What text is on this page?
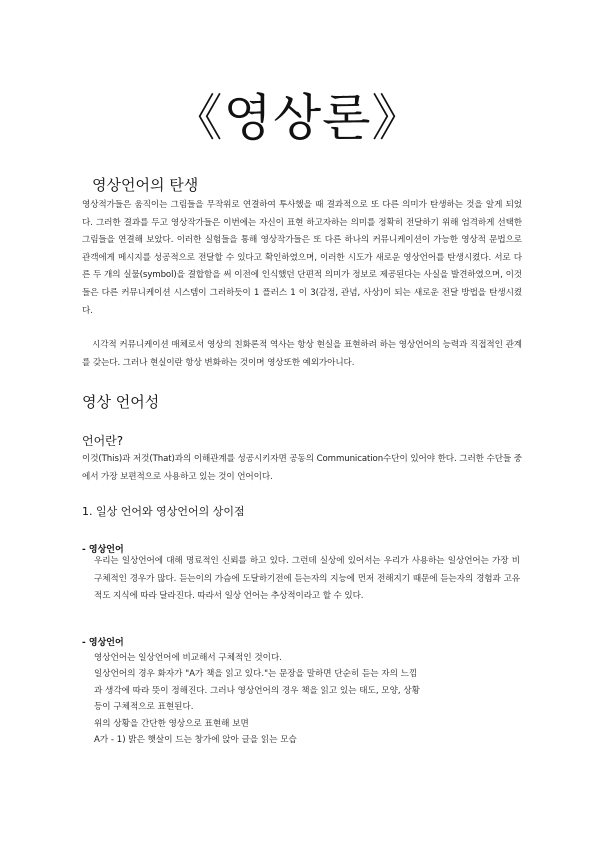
《영상론》
영상언어의 탄생
영상적가들은 움직이는 그림들을 무작위로 연결하여 투사했을 때 결과적으로 또 다른 의미가 탄생하는 것을 알게 되었다. 그러한 결과를 두고 영상작가들은 이번에는 자신이 표현 하고자하는 의미를 정확히 전달하기 위해 엄격하게 선택한 그림들을 연결해 보았다. 이러한 실험들을 통해 영상작가들은 또 다른 하나의 커뮤니케이션이 가능한 영상적 문법으로 관객에게 메시지를 성공적으로 전달할 수 있다고 확인하였으며, 이러한 시도가 새로운 영상언어를 탄생시켰다. 서로 다른 두 개의 실물(symbol)을 결합함을 써 이전에 인식했던 단편적 의미가 정보로 제공된다는 사실을 발견하였으며, 이것들은 다른 커뮤니케이션 시스템이 그러하듯이 1 플러스 1 이 3(감정, 관념, 사상)이 되는 새로운 전달 방법을 탄생시켰다.
시각적 커뮤니케이션 매체로서 영상의 친화론적 역사는 항상 현실을 표현하려 하는 영상언어의 능력과 직접적인 관계를 갖는다. 그러나 현실이란 항상 변화하는 것이며 영상또한 예외가아니다.
영상 언어성
언어란?
이것(This)과 저것(That)과의 이해관계를 성공시키자면 공동의 Communication수단이 있어야 한다. 그러한 수단들 중에서 가장 보편적으로 사용하고 있는 것이 언어이다.
1. 일상 언어와 영상언어의 상이점
- 영상언어
우리는 일상언어에 대해 명료적인 신뢰를 하고 있다. 그런데 실상에 있어서는 우리가 사용하는 일상언어는 가장 비 구체적인 경우가 많다. 듣는이의 가슴에 도달하기전에 듣는자의 지능에 먼저 전해지기 때문에 듣는자의 경험과 고유적도 지식에 따라 달라진다. 따라서 일상 언어는 추상적이라고 할 수 있다.
- 영상언어
영상언어는 일상언어에 비교해서 구체적인 것이다.
일상언어의 경우 화자가 "A가 책을 읽고 있다."는 문장을 말하면 단순히 듣는 자의 느낌
과 생각에 따라 뜻이 정해진다. 그러나 영상언어의 경우 책을 읽고 있는 태도, 모양, 상황
등이 구체적으로 표현된다.
위의 상황을 간단한 영상으로 표현해 보면
A가 - 1) 밝은 햇살이 드는 창가에 앉아 글을 읽는 모습
